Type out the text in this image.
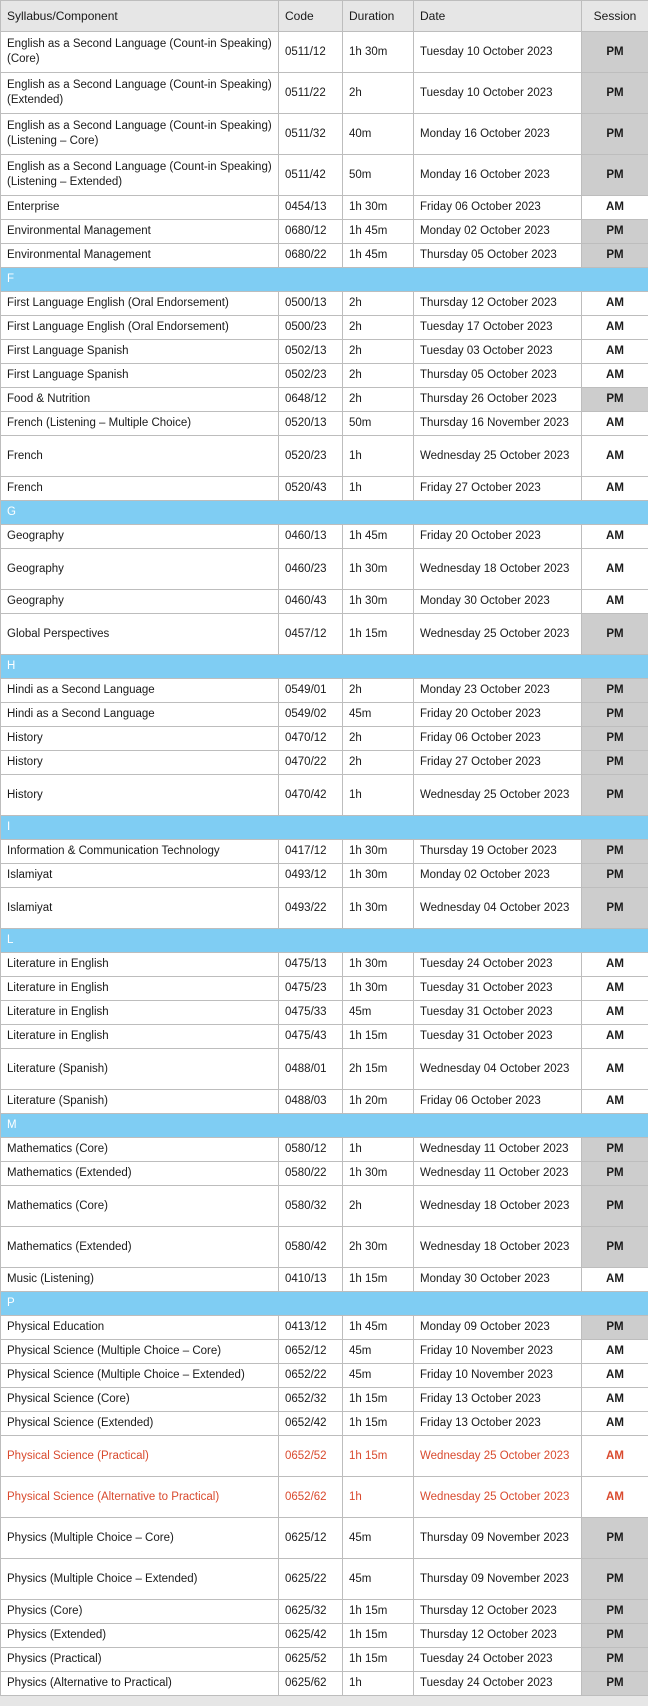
Syllabus/Component	Code	Duration	Date	Session
English as a Second Language (Count-in Speaking) (Core)	0511/12	1h 30m	Tuesday 10 October 2023	PM
English as a Second Language (Count-in Speaking) (Extended)	0511/22	2h	Tuesday 10 October 2023	PM
English as a Second Language (Count-in Speaking) (Listening – Core)	0511/32	40m	Monday 16 October 2023	PM
English as a Second Language (Count-in Speaking) (Listening – Extended)	0511/42	50m	Monday 16 October 2023	PM
Enterprise	0454/13	1h 30m	Friday 06 October 2023	AM
Environmental Management	0680/12	1h 45m	Monday 02 October 2023	PM
Environmental Management	0680/22	1h 45m	Thursday 05 October 2023	PM
F				
First Language English (Oral Endorsement)	0500/13	2h	Thursday 12 October 2023	AM
First Language English (Oral Endorsement)	0500/23	2h	Tuesday 17 October 2023	AM
First Language Spanish	0502/13	2h	Tuesday 03 October 2023	AM
First Language Spanish	0502/23	2h	Thursday 05 October 2023	AM
Food & Nutrition	0648/12	2h	Thursday 26 October 2023	PM
French (Listening – Multiple Choice)	0520/13	50m	Thursday 16 November 2023	AM
French	0520/23	1h	Wednesday 25 October 2023	AM
French	0520/43	1h	Friday 27 October 2023	AM
G				
Geography	0460/13	1h 45m	Friday 20 October 2023	AM
Geography	0460/23	1h 30m	Wednesday 18 October 2023	AM
Geography	0460/43	1h 30m	Monday 30 October 2023	AM
Global Perspectives	0457/12	1h 15m	Wednesday 25 October 2023	PM
H				
Hindi as a Second Language	0549/01	2h	Monday 23 October 2023	PM
Hindi as a Second Language	0549/02	45m	Friday 20 October 2023	PM
History	0470/12	2h	Friday 06 October 2023	PM
History	0470/22	2h	Friday 27 October 2023	PM
History	0470/42	1h	Wednesday 25 October 2023	PM
I				
Information & Communication Technology	0417/12	1h 30m	Thursday 19 October 2023	PM
Islamiyat	0493/12	1h 30m	Monday 02 October 2023	PM
Islamiyat	0493/22	1h 30m	Wednesday 04 October 2023	PM
L				
Literature in English	0475/13	1h 30m	Tuesday 24 October 2023	AM
Literature in English	0475/23	1h 30m	Tuesday 31 October 2023	AM
Literature in English	0475/33	45m	Tuesday 31 October 2023	AM
Literature in English	0475/43	1h 15m	Tuesday 31 October 2023	AM
Literature (Spanish)	0488/01	2h 15m	Wednesday 04 October 2023	AM
Literature (Spanish)	0488/03	1h 20m	Friday 06 October 2023	AM
M				
Mathematics (Core)	0580/12	1h	Wednesday 11 October 2023	PM
Mathematics (Extended)	0580/22	1h 30m	Wednesday 11 October 2023	PM
Mathematics (Core)	0580/32	2h	Wednesday 18 October 2023	PM
Mathematics (Extended)	0580/42	2h 30m	Wednesday 18 October 2023	PM
Music (Listening)	0410/13	1h 15m	Monday 30 October 2023	AM
P				
Physical Education	0413/12	1h 45m	Monday 09 October 2023	PM
Physical Science (Multiple Choice – Core)	0652/12	45m	Friday 10 November 2023	AM
Physical Science (Multiple Choice – Extended)	0652/22	45m	Friday 10 November 2023	AM
Physical Science (Core)	0652/32	1h 15m	Friday 13 October 2023	AM
Physical Science (Extended)	0652/42	1h 15m	Friday 13 October 2023	AM
Physical Science (Practical)	0652/52	1h 15m	Wednesday 25 October 2023	AM
Physical Science (Alternative to Practical)	0652/62	1h	Wednesday 25 October 2023	AM
Physics (Multiple Choice – Core)	0625/12	45m	Thursday 09 November 2023	PM
Physics (Multiple Choice – Extended)	0625/22	45m	Thursday 09 November 2023	PM
Physics (Core)	0625/32	1h 15m	Thursday 12 October 2023	PM
Physics (Extended)	0625/42	1h 15m	Thursday 12 October 2023	PM
Physics (Practical)	0625/52	1h 15m	Tuesday 24 October 2023	PM
Physics (Alternative to Practical)	0625/62	1h	Tuesday 24 October 2023	PM
